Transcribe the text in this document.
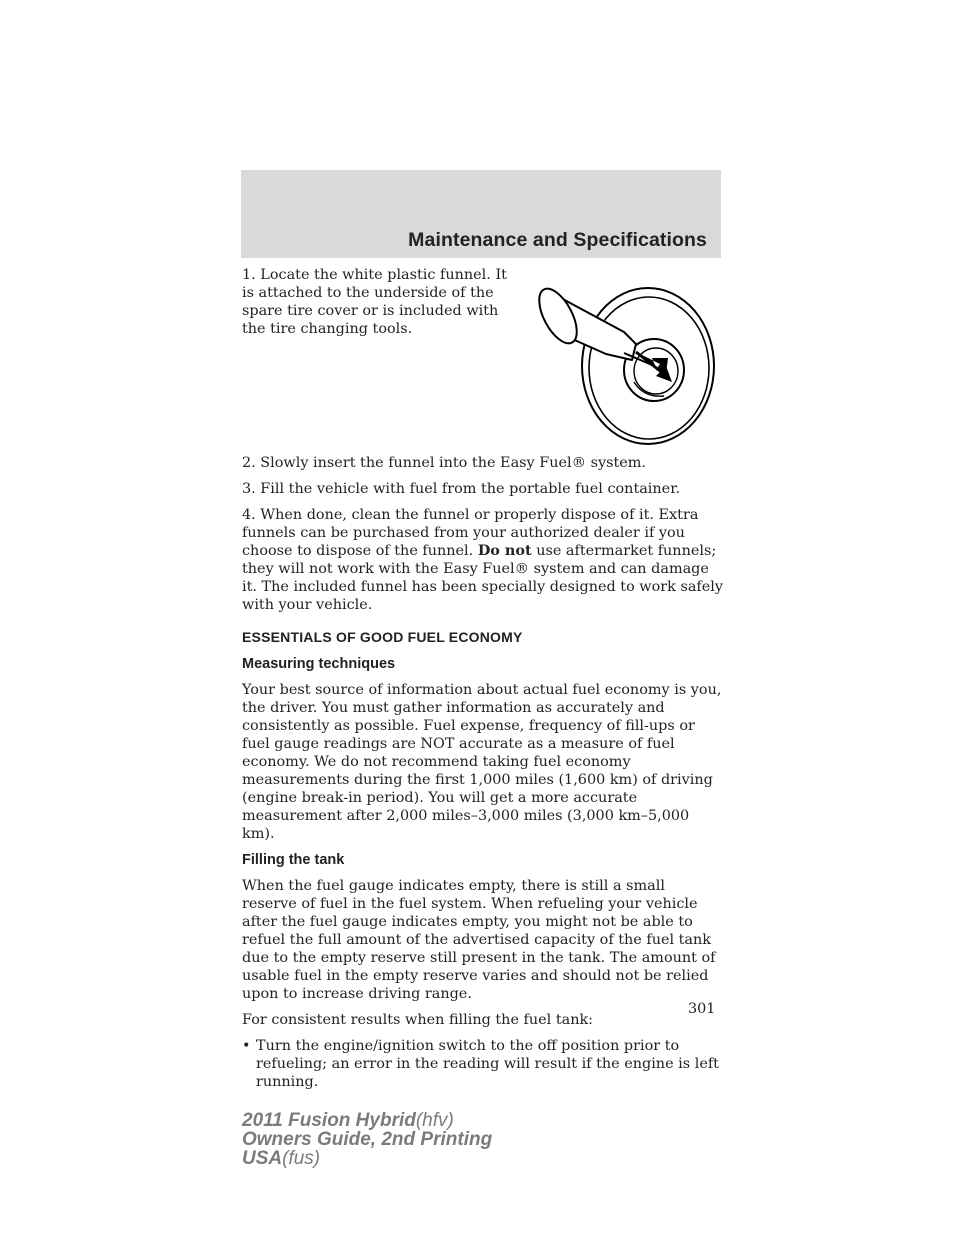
Maintenance and Specifications
1. Locate the white plastic funnel. It is attached to the underside of the spare tire cover or is included with the tire changing tools.

2. Slowly insert the funnel into the Easy Fuel® system.

3. Fill the vehicle with fuel from the portable fuel container.

4. When done, clean the funnel or properly dispose of it. Extra funnels can be purchased from your authorized dealer if you choose to dispose of the funnel. Do not use aftermarket funnels; they will not work with the Easy Fuel® system and can damage it. The included funnel has been specially designed to work safely with your vehicle.

ESSENTIALS OF GOOD FUEL ECONOMY
Measuring techniques

Your best source of information about actual fuel economy is you, the driver. You must gather information as accurately and consistently as possible. Fuel expense, frequency of fill-ups or fuel gauge readings are NOT accurate as a measure of fuel economy. We do not recommend taking fuel economy measurements during the first 1,000 miles (1,600 km) of driving (engine break-in period). You will get a more accurate measurement after 2,000 miles–3,000 miles (3,000 km–5,000 km).

Filling the tank

When the fuel gauge indicates empty, there is still a small reserve of fuel in the fuel system. When refueling your vehicle after the fuel gauge indicates empty, you might not be able to refuel the full amount of the advertised capacity of the fuel tank due to the empty reserve still present in the tank. The amount of usable fuel in the empty reserve varies and should not be relied upon to increase driving range.

For consistent results when filling the fuel tank:

• Turn the engine/ignition switch to the off position prior to refueling; an error in the reading will result if the engine is left running.
301
2011 Fusion Hybrid(hfv)
Owners Guide, 2nd Printing
USA(fus)
